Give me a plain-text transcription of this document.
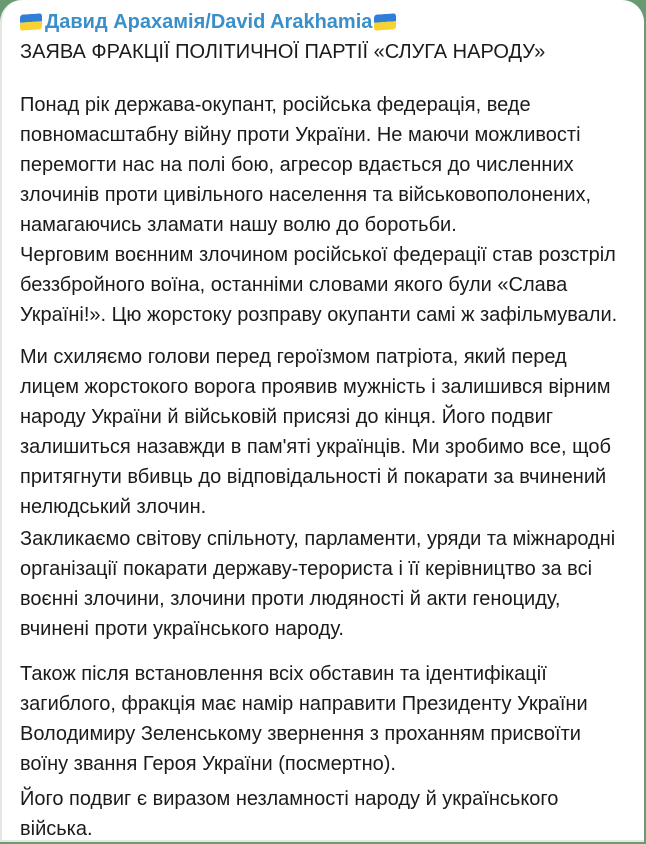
Давид Арахамія/David Arakhamia
ЗАЯВА ФРАКЦІЇ ПОЛІТИЧНОЇ ПАРТІЇ «СЛУГА НАРОДУ»

Понад рік держава-окупант, російська федерація, веде
повномасштабну війну проти України. Не маючи можливості
перемогти нас на полі бою, агресор вдається до численних
злочинів проти цивільного населення та військовополонених,
намагаючись зламати нашу волю до боротьби.

Черговим воєнним злочином російської федерації став розстріл
беззбройного воїна, останніми словами якого були «Слава
Україні!». Цю жорстоку розправу окупанти самі ж зафільмували.

Ми схиляємо голови перед героїзмом патріота, який перед
лицем жорстокого ворога проявив мужність і залишився вірним
народу України й військовій присязі до кінця. Його подвиг
залишиться назавжди в пам'яті українців. Ми зробимо все, щоб
притягнути вбивць до відповідальності й покарати за вчинений
нелюдський злочин.

Закликаємо світову спільноту, парламенти, уряди та міжнародні
організації покарати державу-терориста і її керівництво за всі
воєнні злочини, злочини проти людяності й акти геноциду,
вчинені проти українського народу.

Також після встановлення всіх обставин та ідентифікації
загиблого, фракція має намір направити Президенту України
Володимиру Зеленському звернення з проханням присвоїти
воїну звання Героя України (посмертно).

Його подвиг є виразом незламності народу й українського
війська.
